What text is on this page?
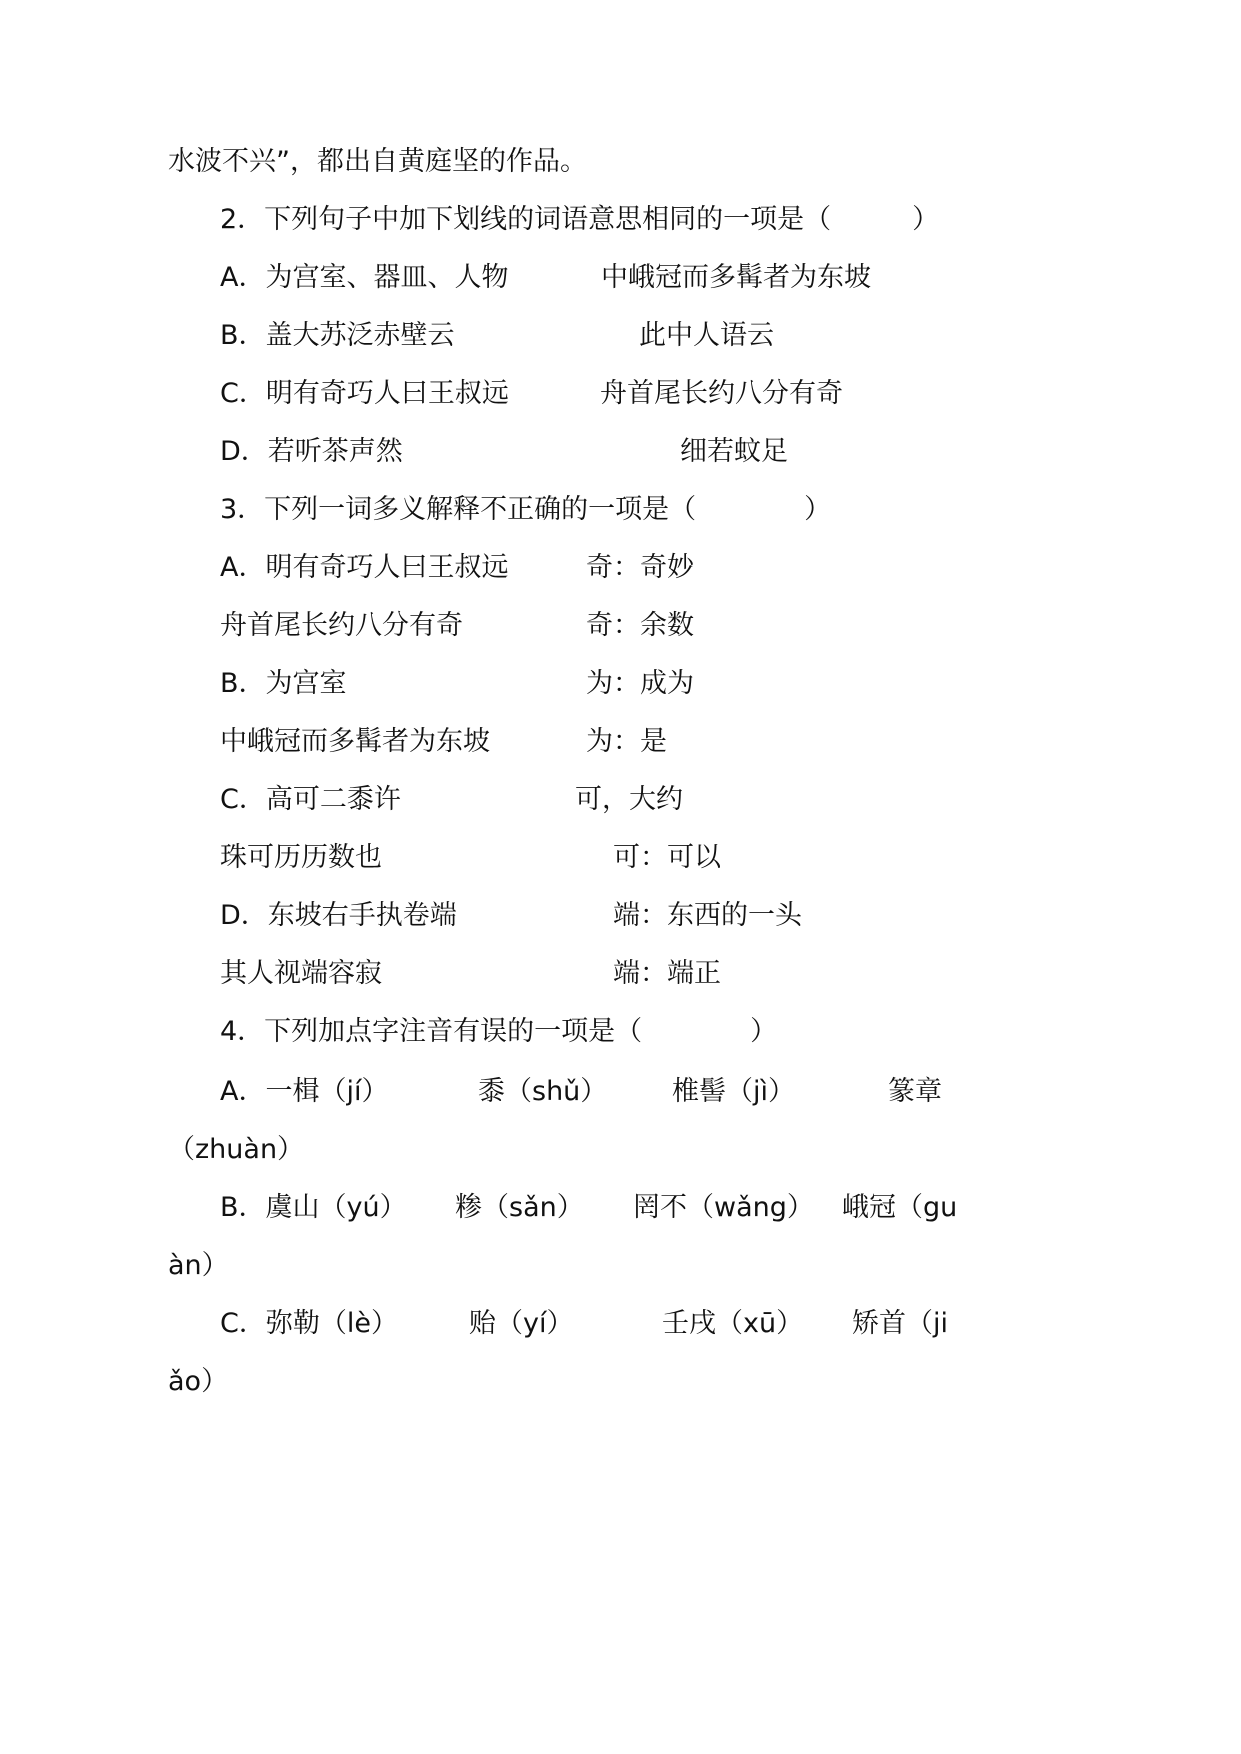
水波不兴”，都出自黄庭坚的作品。
2．下列句子中加下划线的词语意思相同的一项是（　　　）
A．为宫室、器皿、人物	中峨冠而多髯者为东坡
B．盖大苏泛赤壁云	此中人语云
C．明有奇巧人曰王叔远	舟首尾长约八分有奇
D．若听茶声然	细若蚊足
3．下列一词多义解释不正确的一项是（　　　　）
A．明有奇巧人曰王叔远	奇：奇妙
舟首尾长约八分有奇	奇：余数
B．为宫室	为：成为
中峨冠而多髯者为东坡	为：是
C．高可二黍许	可，大约
珠可历历数也	可：可以
D．东坡右手执卷端	端：东西的一头
其人视端容寂	端：端正
4．下列加点字注音有误的一项是（　　　　）
A．一楫（jí）	黍（shǔ） 椎髻（jì）	篆章
（zhuàn）
B．虞山（yú） 糁（sǎn） 罔不（wǎng） 峨冠（gu
àn）
C．弥勒（lè）	贻（yí）	壬戌（xū） 矫首（ji
ǎo）
